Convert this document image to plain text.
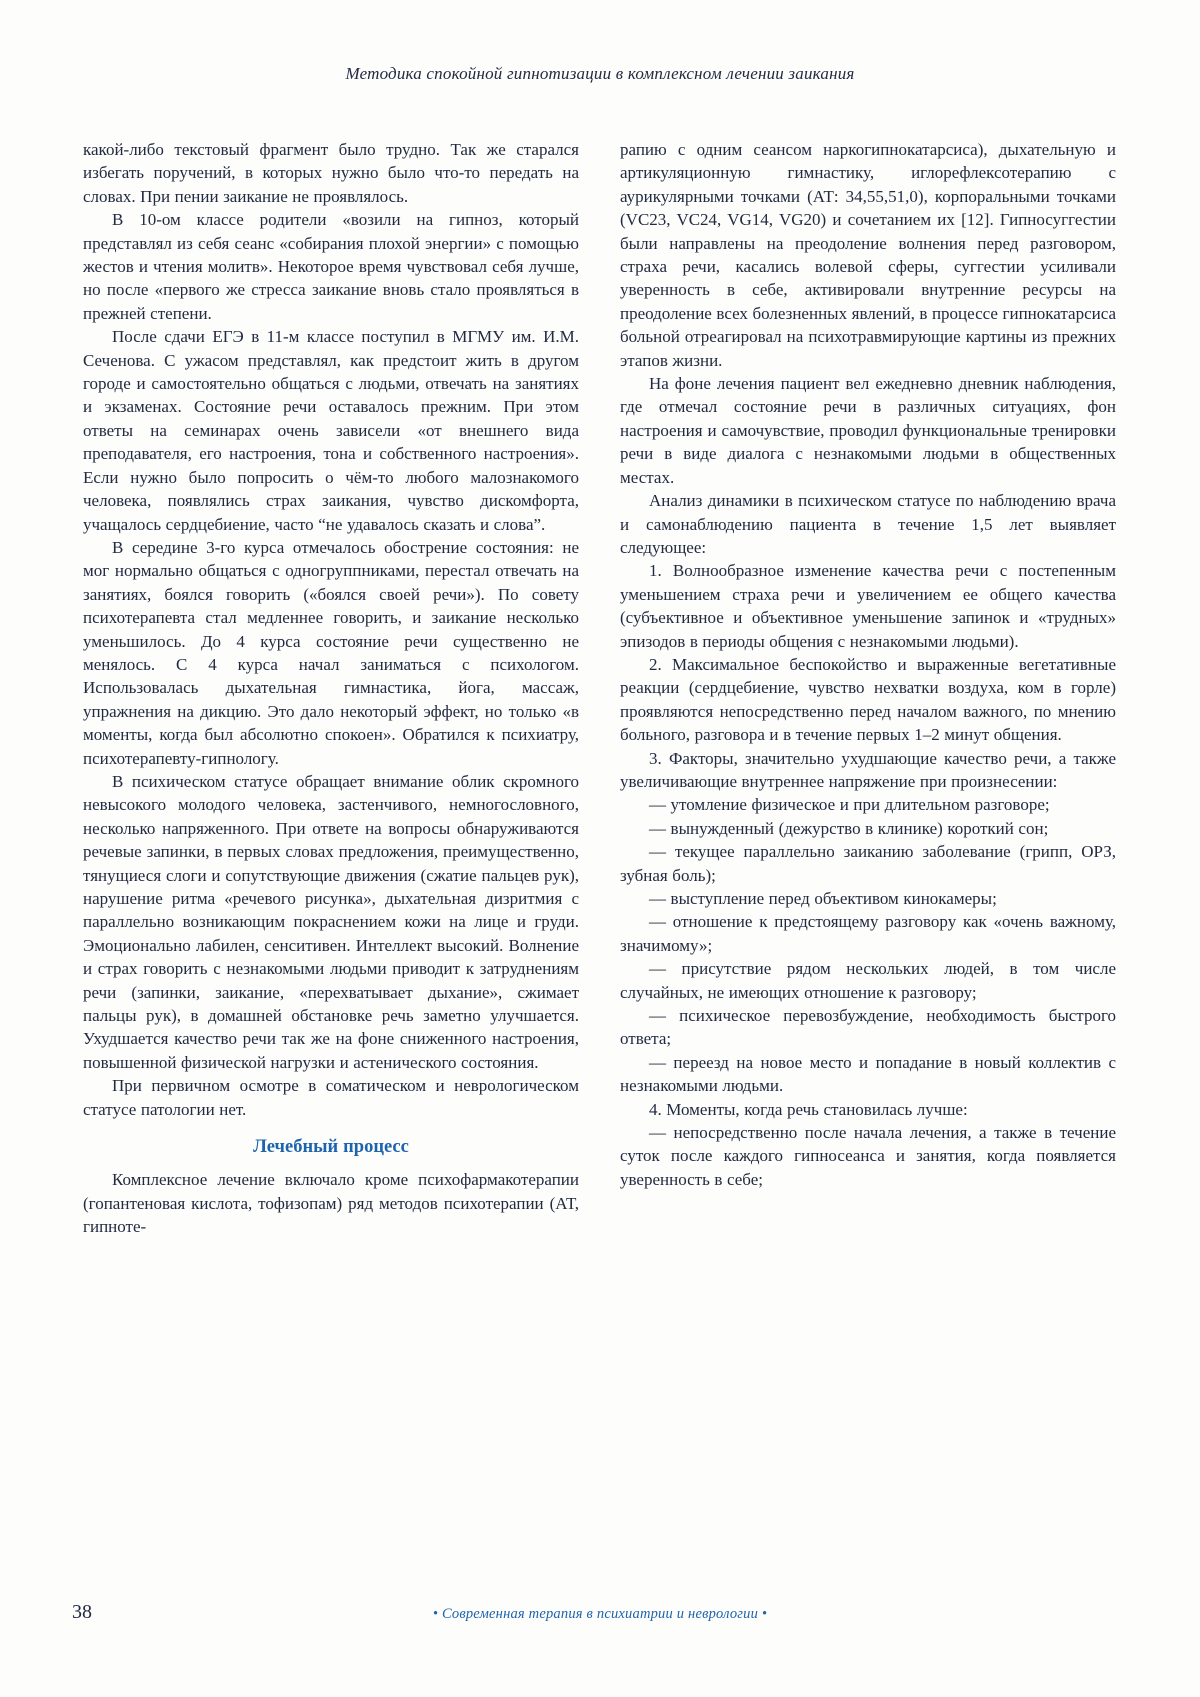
Методика спокойной гипнотизации в комплексном лечении заикания

какой-либо текстовый фрагмент было трудно. Так же старался избегать поручений, в которых нужно было что-то передать на словах. При пении заикание не проявлялось.

В 10-ом классе родители «возили на гипноз, который представлял из себя сеанс «собирания плохой энергии» с помощью жестов и чтения молитв». Некоторое время чувствовал себя лучше, но после «первого же стресса заикание вновь стало проявляться в прежней степени.

После сдачи ЕГЭ в 11-м классе поступил в МГМУ им. И.М. Сеченова. С ужасом представлял, как предстоит жить в другом городе и самостоятельно общаться с людьми, отвечать на занятиях и экзаменах. Состояние речи оставалось прежним. При этом ответы на семинарах очень зависели «от внешнего вида преподавателя, его настроения, тона и собственного настроения». Если нужно было попросить о чём-то любого малознакомого человека, появлялись страх заикания, чувство дискомфорта, учащалось сердцебиение, часто “не удавалось сказать и слова”.

В середине 3-го курса отмечалось обострение состояния: не мог нормально общаться с одногруппниками, перестал отвечать на занятиях, боялся говорить («боялся своей речи»). По совету психотерапевта стал медленнее говорить, и заикание несколько уменьшилось. До 4 курса состояние речи существенно не менялось. С 4 курса начал заниматься с психологом. Использовалась дыхательная гимнастика, йога, массаж, упражнения на дикцию. Это дало некоторый эффект, но только «в моменты, когда был абсолютно спокоен». Обратился к психиатру, психотерапевту-гипнологу.

В психическом статусе обращает внимание облик скромного невысокого молодого человека, застенчивого, немногословного, несколько напряженного. При ответе на вопросы обнаруживаются речевые запинки, в первых словах предложения, преимущественно, тянущиеся слоги и сопутствующие движения (сжатие пальцев рук), нарушение ритма «речевого рисунка», дыхательная дизритмия с параллельно возникающим покраснением кожи на лице и груди. Эмоционально лабилен, сенситивен. Интеллект высокий. Волнение и страх говорить с незнакомыми людьми приводит к затруднениям речи (запинки, заикание, «перехватывает дыхание», сжимает пальцы рук), в домашней обстановке речь заметно улучшается. Ухудшается качество речи так же на фоне сниженного настроения, повышенной физической нагрузки и астенического состояния.

При первичном осмотре в соматическом и неврологическом статусе патологии нет.

Лечебный процесс

Комплексное лечение включало кроме психофармакотерапии (гопантеновая кислота, тофизопам) ряд методов психотерапии (АТ, гипноте-

рапию с одним сеансом наркогипнокатарсиса), дыхательную и артикуляционную гимнастику, иглорефлексотерапию с аурикулярными точками (АТ: 34,55,51,0), корпоральными точками (VC23, VC24, VG14, VG20) и сочетанием их [12]. Гипносуггестии были направлены на преодоление волнения перед разговором, страха речи, касались волевой сферы, суггестии усиливали уверенность в себе, активировали внутренние ресурсы на преодоление всех болезненных явлений, в процессе гипнокатарсиса больной отреагировал на психотравмирующие картины из прежних этапов жизни.

На фоне лечения пациент вел ежедневно дневник наблюдения, где отмечал состояние речи в различных ситуациях, фон настроения и самочувствие, проводил функциональные тренировки речи в виде диалога с незнакомыми людьми в общественных местах.

Анализ динамики в психическом статусе по наблюдению врача и самонаблюдению пациента в течение 1,5 лет выявляет следующее:

1. Волнообразное изменение качества речи с постепенным уменьшением страха речи и увеличением ее общего качества (субъективное и объективное уменьшение запинок и «трудных» эпизодов в периоды общения с незнакомыми людьми).

2. Максимальное беспокойство и выраженные вегетативные реакции (сердцебиение, чувство нехватки воздуха, ком в горле) проявляются непосредственно перед началом важного, по мнению больного, разговора и в течение первых 1–2 минут общения.

3. Факторы, значительно ухудшающие качество речи, а также увеличивающие внутреннее напряжение при произнесении:

— утомление физическое и при длительном разговоре;

— вынужденный (дежурство в клинике) короткий сон;

— текущее параллельно заиканию заболевание (грипп, ОРЗ, зубная боль);

— выступление перед объективом кинокамеры;

— отношение к предстоящему разговору как «очень важному, значимому»;

— присутствие рядом нескольких людей, в том числе случайных, не имеющих отношение к разговору;

— психическое перевозбуждение, необходимость быстрого ответа;

— переезд на новое место и попадание в новый коллектив с незнакомыми людьми.

4. Моменты, когда речь становилась лучше:

— непосредственно после начала лечения, а также в течение суток после каждого гипносеанса и занятия, когда появляется уверенность в себе;

38	• Современная терапия в психиатрии и неврологии •
